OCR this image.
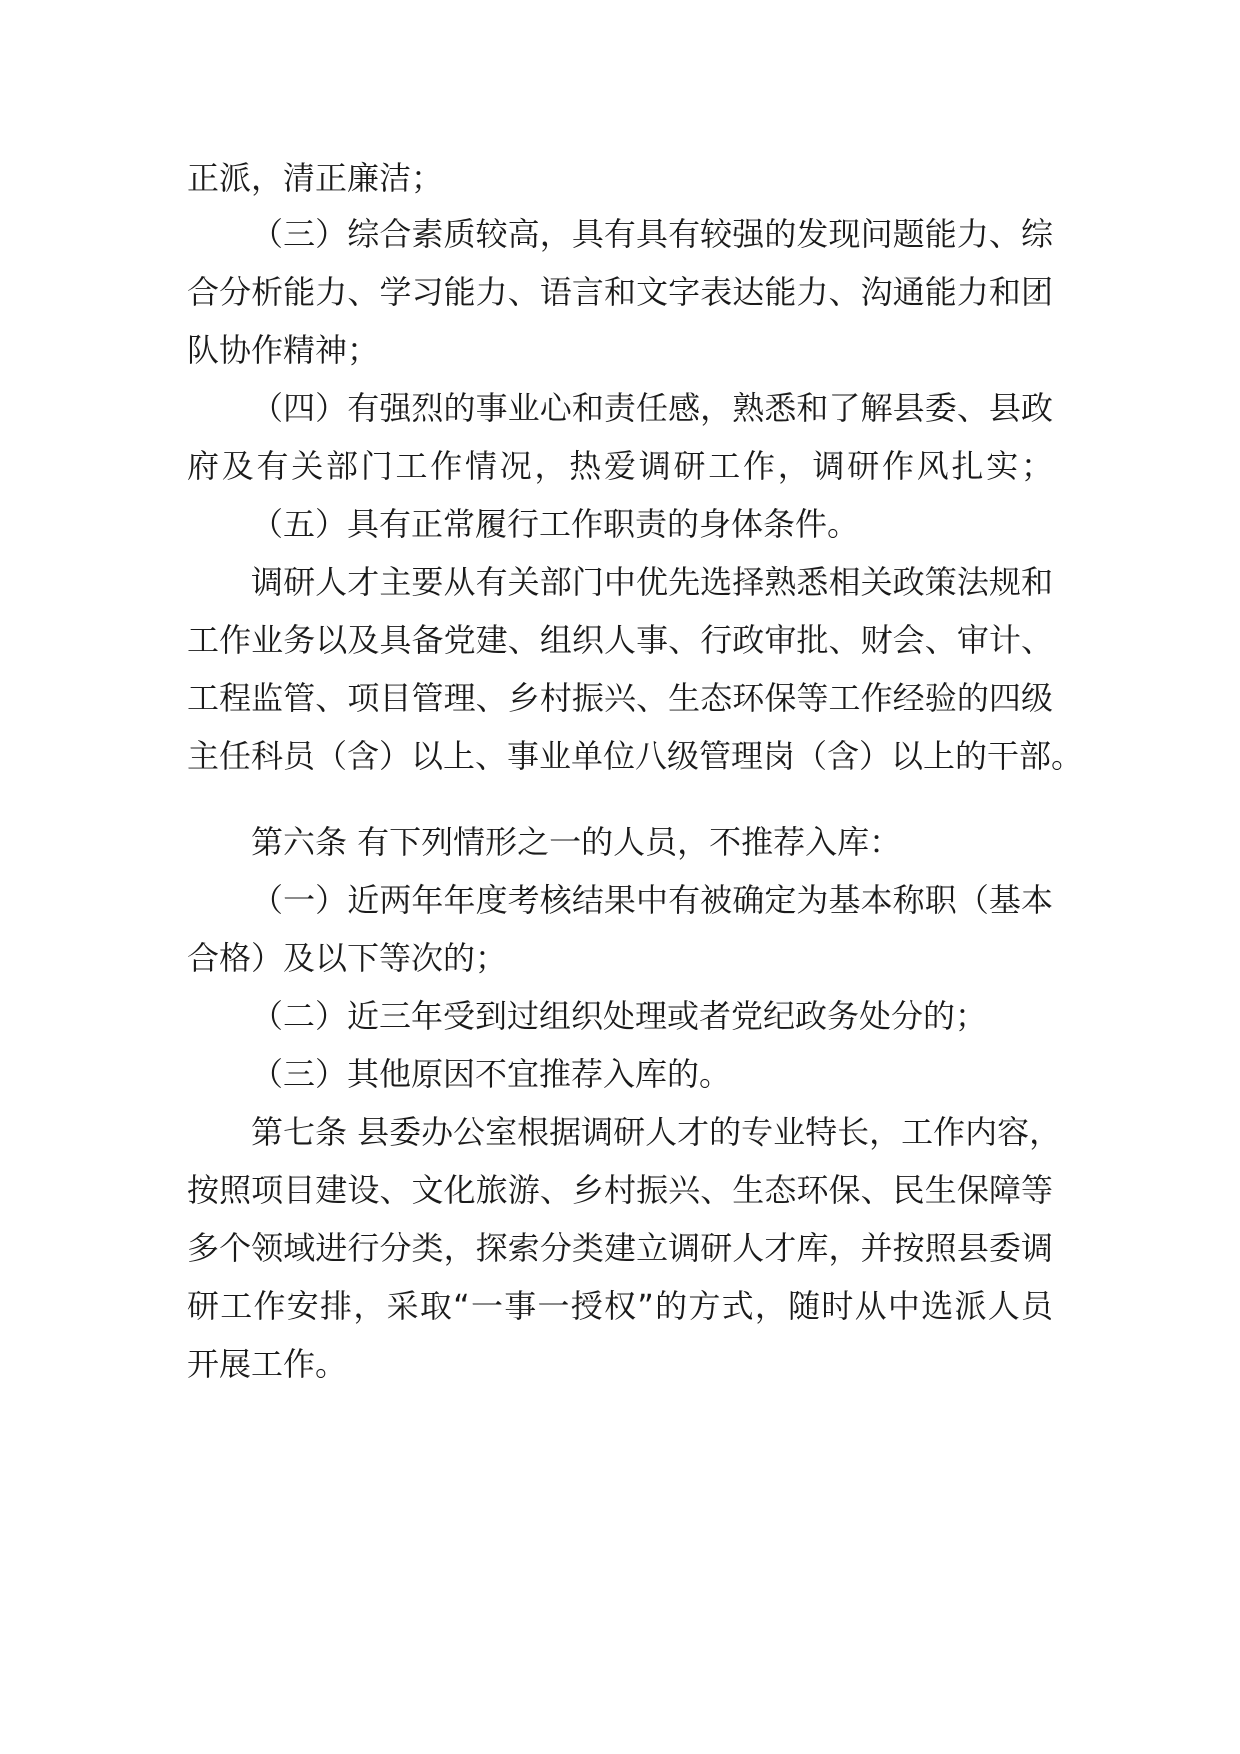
正派，清正廉洁；

（三）综合素质较高，具有具有较强的发现问题能力、综

合分析能力、学习能力、语言和文字表达能力、沟通能力和团

队协作精神；

（四）有强烈的事业心和责任感，熟悉和了解县委、县政

府及有关部门工作情况，热爱调研工作，调研作风扎实；

（五）具有正常履行工作职责的身体条件。

调研人才主要从有关部门中优先选择熟悉相关政策法规和

工作业务以及具备党建、组织人事、行政审批、财会、审计、

工程监管、项目管理、乡村振兴、生态环保等工作经验的四级

主任科员（含）以上、事业单位八级管理岗（含）以上的干部。

第六条 有下列情形之一的人员，不推荐入库：

（一）近两年年度考核结果中有被确定为基本称职（基本

合格）及以下等次的；

（二）近三年受到过组织处理或者党纪政务处分的；

（三）其他原因不宜推荐入库的。

第七条 县委办公室根据调研人才的专业特长，工作内容，

按照项目建设、文化旅游、乡村振兴、生态环保、民生保障等

多个领域进行分类，探索分类建立调研人才库，并按照县委调

研工作安排，采取“一事一授权”的方式，随时从中选派人员

开展工作。
